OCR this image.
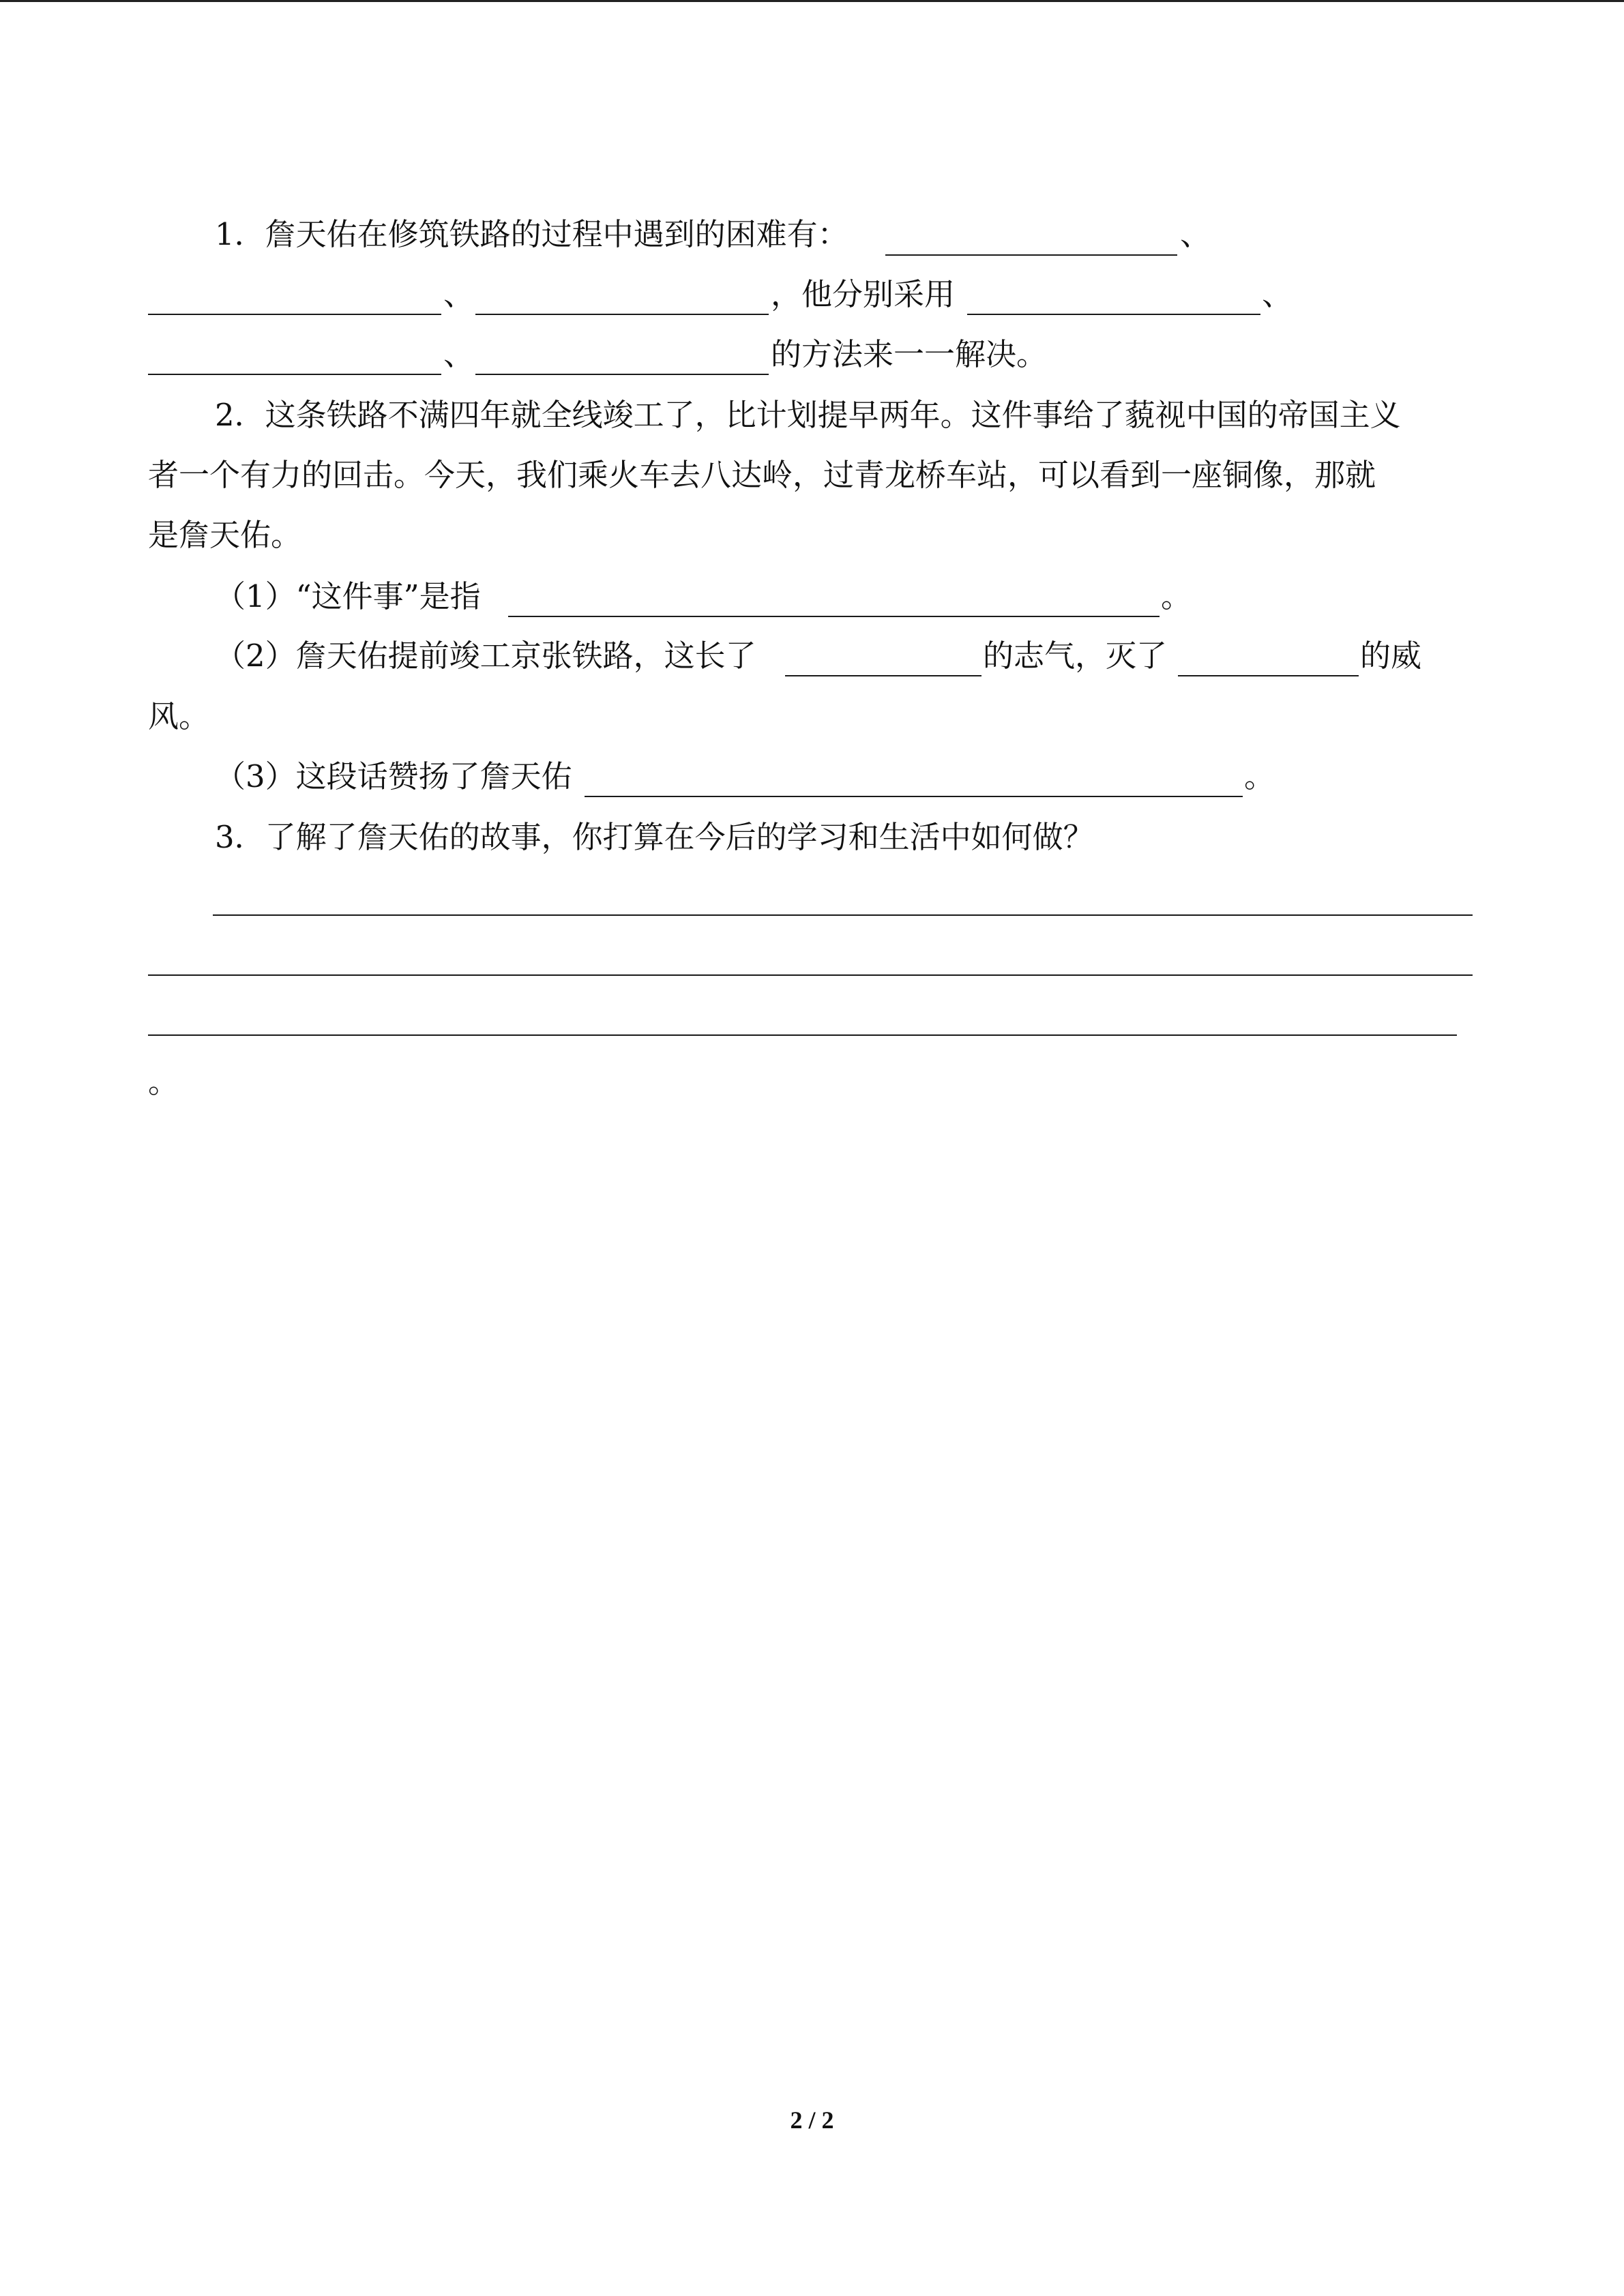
1．詹天佑在修筑铁路的过程中遇到的困难有：	、
、	，他分别采用	、
、	的方法来一一解决。
2．这条铁路不满四年就全线竣工了，比计划提早两年。这件事给了藐视中国的帝国主义
者一个有力的回击。今天，我们乘火车去八达岭，过青龙桥车站，可以看到一座铜像，那就
是詹天佑。
（1）“这件事”是指	。
（2）詹天佑提前竣工京张铁路，这长了	的志气，灭了	的威
风。
（3）这段话赞扬了詹天佑	。
3．了解了詹天佑的故事，你打算在今后的学习和生活中如何做？
。
2 / 2
